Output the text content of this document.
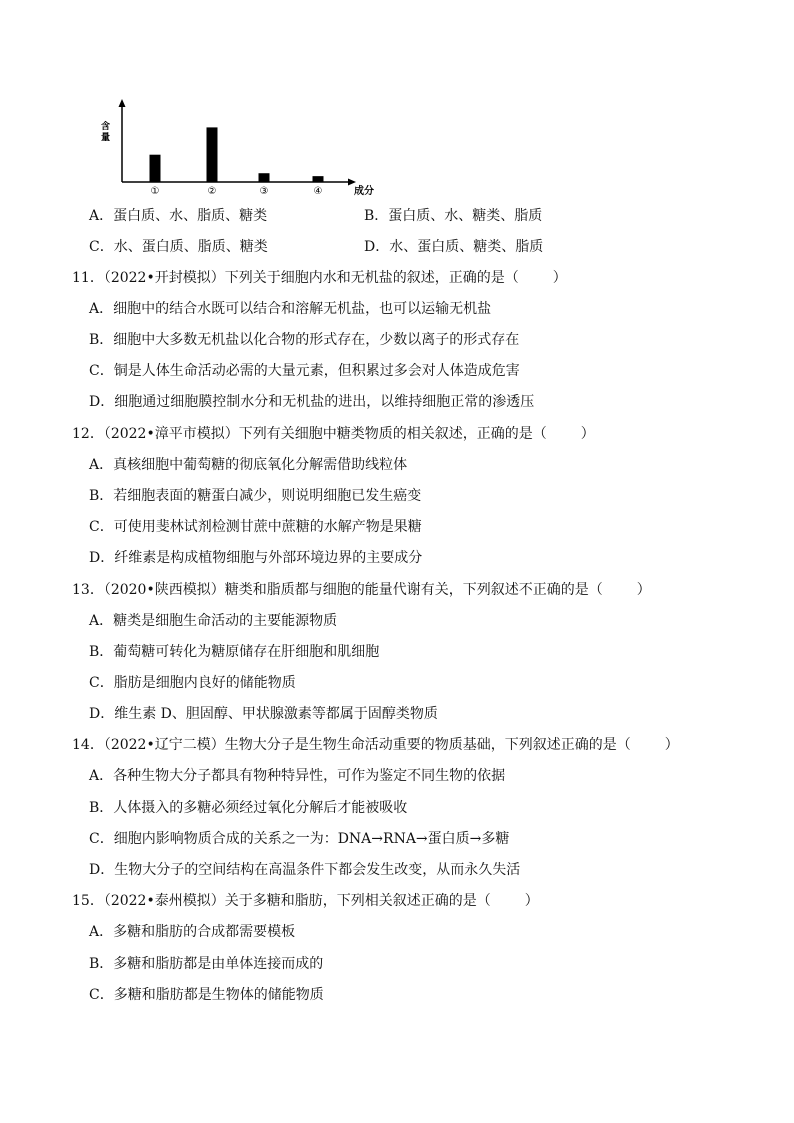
①	②	③	④
含
量
成分
A．蛋白质、水、脂质、糖类	B．蛋白质、水、糖类、脂质
C．水、蛋白质、脂质、糖类	D．水、蛋白质、糖类、脂质
11．（2022•开封模拟）下列关于细胞内水和无机盐的叙述，正确的是（ ）
A．细胞中的结合水既可以结合和溶解无机盐，也可以运输无机盐
B．细胞中大多数无机盐以化合物的形式存在，少数以离子的形式存在
C．铜是人体生命活动必需的大量元素，但积累过多会对人体造成危害
D．细胞通过细胞膜控制水分和无机盐的进出，以维持细胞正常的渗透压
12．（2022•漳平市模拟）下列有关细胞中糖类物质的相关叙述，正确的是（ ）
A．真核细胞中葡萄糖的彻底氧化分解需借助线粒体
B．若细胞表面的糖蛋白减少，则说明细胞已发生癌变
C．可使用斐林试剂检测甘蔗中蔗糖的水解产物是果糖
D．纤维素是构成植物细胞与外部环境边界的主要成分
13．（2020•陕西模拟）糖类和脂质都与细胞的能量代谢有关，下列叙述不正确的是（ ）
A．糖类是细胞生命活动的主要能源物质
B．葡萄糖可转化为糖原储存在肝细胞和肌细胞
C．脂肪是细胞内良好的储能物质
D．维生素 D、胆固醇、甲状腺激素等都属于固醇类物质
14．（2022•辽宁二模）生物大分子是生物生命活动重要的物质基础，下列叙述正确的是（ ）
A．各种生物大分子都具有物种特异性，可作为鉴定不同生物的依据
B．人体摄入的多糖必须经过氧化分解后才能被吸收
C．细胞内影响物质合成的关系之一为：DNA→RNA→蛋白质→多糖
D．生物大分子的空间结构在高温条件下都会发生改变，从而永久失活
15．（2022•泰州模拟）关于多糖和脂肪，下列相关叙述正确的是（ ）
A．多糖和脂肪的合成都需要模板
B．多糖和脂肪都是由单体连接而成的
C．多糖和脂肪都是生物体的储能物质
